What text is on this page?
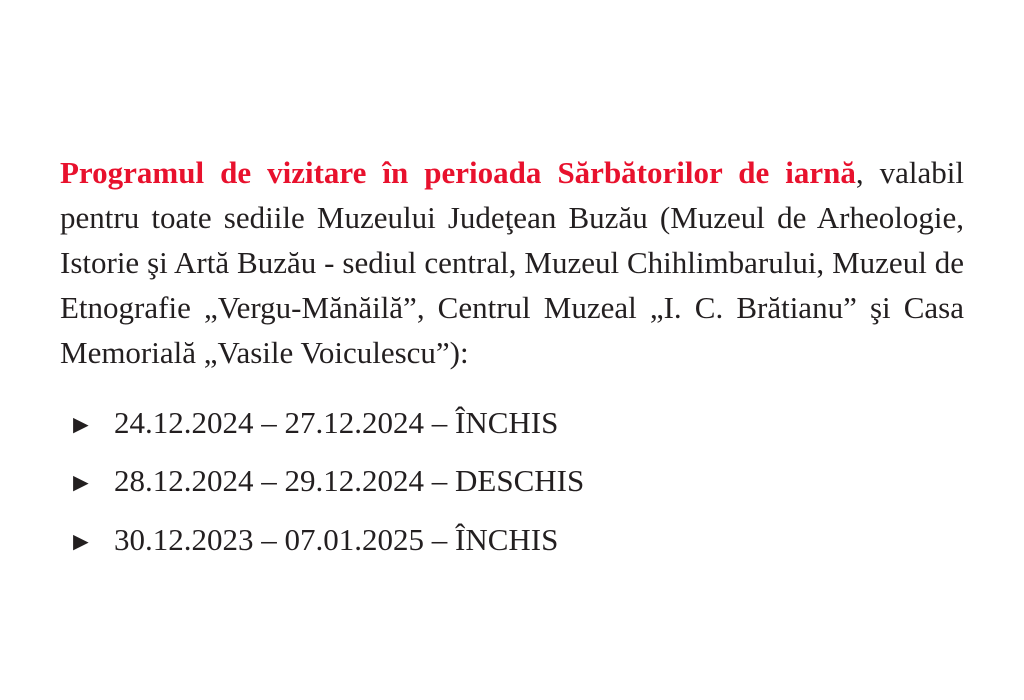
Programul de vizitare în perioada Sărbătorilor de iarnă, valabil pentru toate sediile Muzeului Judeţean Buzău (Muzeul de Arheologie, Istorie şi Artă Buzău - sediul central, Muzeul Chihlimbarului, Muzeul de Etnografie „Vergu-Mănăilă”, Centrul Muzeal „I. C. Brătianu” şi Casa Memorială „Vasile Voiculescu”):

► 24.12.2024 – 27.12.2024 – ÎNCHIS
► 28.12.2024 – 29.12.2024 – DESCHIS
► 30.12.2023 – 07.01.2025 – ÎNCHIS
